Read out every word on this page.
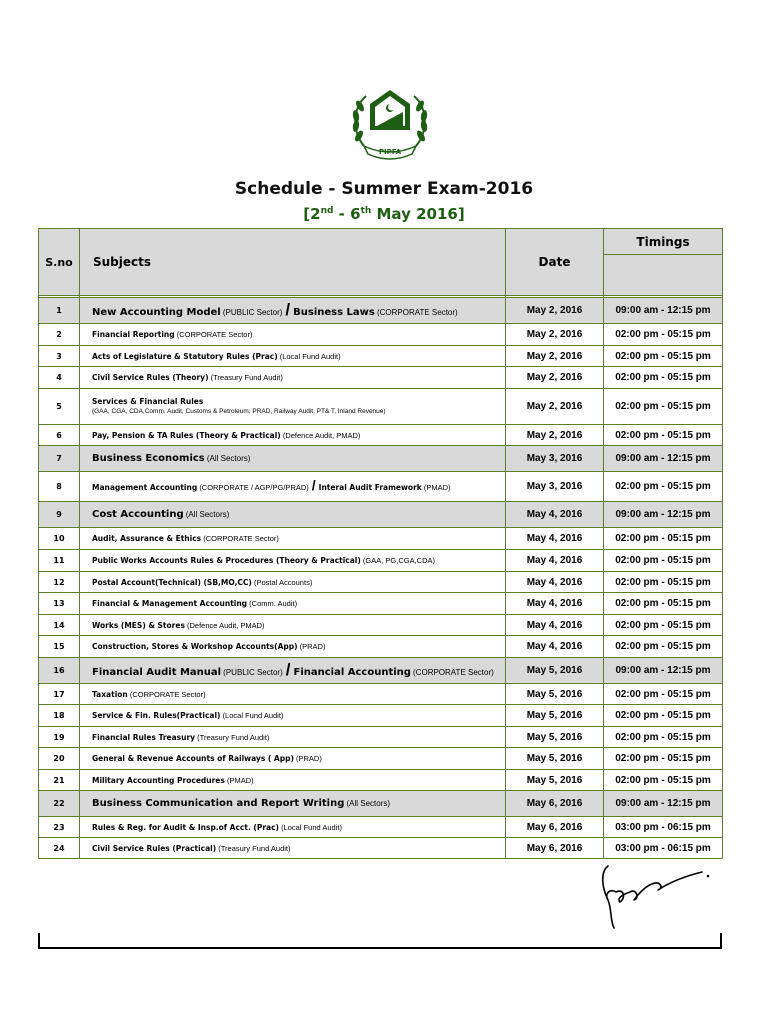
PIPFA
Schedule - Summer Exam-2016
[2nd - 6th May 2016]
S.no	Subjects	Date	Timings

1	New Accounting Model (PUBLIC Sector) / Business Laws (CORPORATE Sector)	May 2, 2016	09:00 am - 12:15 pm
2	Financial Reporting (CORPORATE Sector)	May 2, 2016	02:00 pm - 05:15 pm
3	Acts of Legislature & Statutory Rules (Prac) (Local Fund Audit)	May 2, 2016	02:00 pm - 05:15 pm
4	Civil Service Rules (Theory) (Treasury Fund Audit)	May 2, 2016	02:00 pm - 05:15 pm
5	Services & Financial Rules
(GAA, CGA, CDA,Comm. Audit, Customs & Petroleum, PRAD, Railway Audit, PT& T, Inland Revenue)	May 2, 2016	02:00 pm - 05:15 pm
6	Pay, Pension & TA Rules (Theory & Practical) (Defence Audit, PMAD)	May 2, 2016	02:00 pm - 05:15 pm
7	Business Economics (All Sectors)	May 3, 2016	09:00 am - 12:15 pm
8	Management Accounting (CORPORATE / AGP/PG/PRAD) / Interal Audit Framework (PMAD)	May 3, 2016	02:00 pm - 05:15 pm
9	Cost Accounting (All Sectors)	May 4, 2016	09:00 am - 12:15 pm
10	Audit, Assurance & Ethics (CORPORATE Sector)	May 4, 2016	02:00 pm - 05:15 pm
11	Public Works Accounts Rules & Procedures (Theory & Practical) (GAA, PG,CGA,CDA)	May 4, 2016	02:00 pm - 05:15 pm
12	Postal Account(Technical) (SB,MO,CC) (Postal Accounts)	May 4, 2016	02:00 pm - 05:15 pm
13	Financial & Management Accounting (Comm. Audit)	May 4, 2016	02:00 pm - 05:15 pm
14	Works (MES) & Stores (Defence Audit, PMAD)	May 4, 2016	02:00 pm - 05:15 pm
15	Construction, Stores & Workshop Accounts(App) (PRAD)	May 4, 2016	02:00 pm - 05:15 pm
16	Financial Audit Manual (PUBLIC Sector) / Financial Accounting (CORPORATE Sector)	May 5, 2016	09:00 am - 12:15 pm
17	Taxation (CORPORATE Sector)	May 5, 2016	02:00 pm - 05:15 pm
18	Service & Fin. Rules(Practical) (Local Fund Audit)	May 5, 2016	02:00 pm - 05:15 pm
19	Financial Rules Treasury (Treasury Fund Audit)	May 5, 2016	02:00 pm - 05:15 pm
20	General & Revenue Accounts of Railways ( App) (PRAD)	May 5, 2016	02:00 pm - 05:15 pm
21	Military Accounting Procedures (PMAD)	May 5, 2016	02:00 pm - 05:15 pm
22	Business Communication and Report Writing (All Sectors)	May 6, 2016	09:00 am - 12:15 pm
23	Rules & Reg. for Audit & Insp.of Acct. (Prac) (Local Fund Audit)	May 6, 2016	03:00 pm - 06:15 pm
24	Civil Service Rules (Practical) (Treasury Fund Audit)	May 6, 2016	03:00 pm - 06:15 pm
